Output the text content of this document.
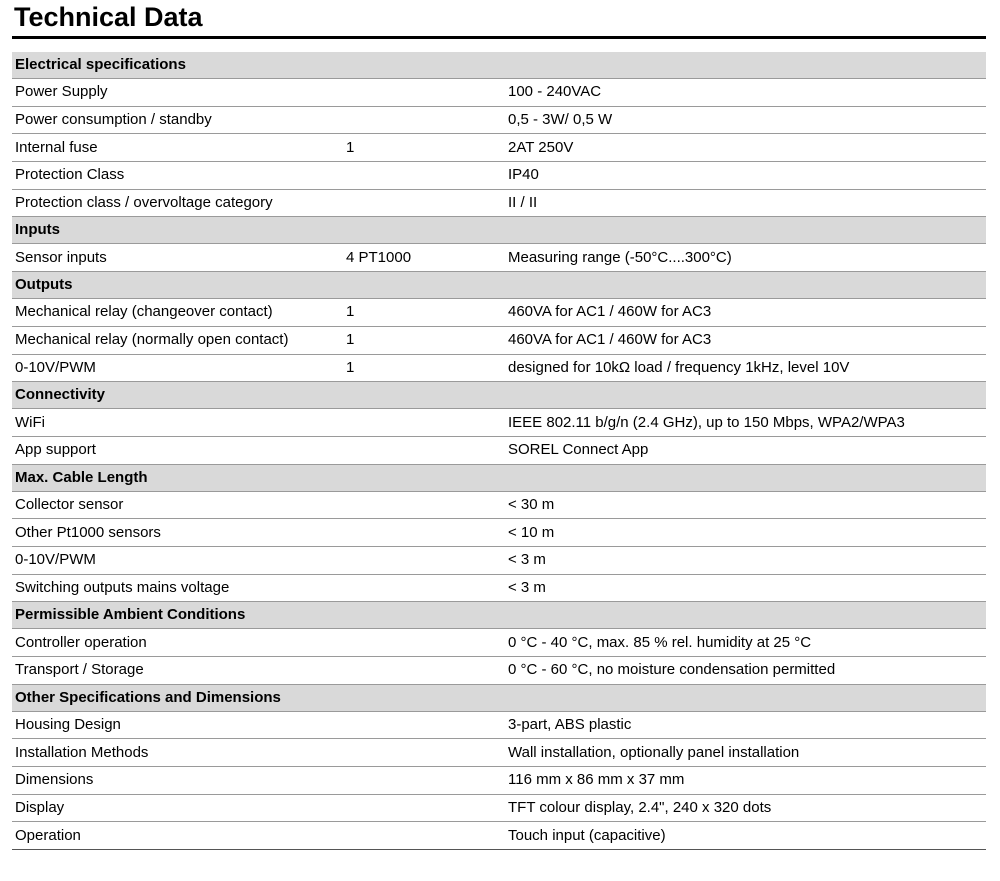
Technical Data
Electrical specifications		
Power Supply		100 - 240VAC
Power consumption / standby		0,5 - 3W/ 0,5 W
Internal fuse	1	2AT 250V
Protection Class		IP40
Protection class / overvoltage category		II / II
Inputs		
Sensor inputs	4 PT1000	Measuring range (-50°C....300°C)
Outputs		
Mechanical relay (changeover contact)	1	460VA for AC1 / 460W for AC3
Mechanical relay (normally open contact)	1	460VA for AC1 / 460W for AC3
0-10V/PWM	1	designed for 10kΩ load / frequency 1kHz, level 10V
Connectivity		
WiFi		IEEE 802.11 b/g/n (2.4 GHz), up to 150 Mbps, WPA2/WPA3
App support		SOREL Connect App
Max. Cable Length		
Collector sensor		< 30 m
Other Pt1000 sensors		< 10 m
0-10V/PWM		< 3 m
Switching outputs mains voltage		< 3 m
Permissible Ambient Conditions		
Controller operation		0 °C - 40 °C, max. 85 % rel. humidity at 25 °C
Transport / Storage		0 °C - 60 °C, no moisture condensation permitted
Other Specifications and Dimensions		
Housing Design		3-part, ABS plastic
Installation Methods		Wall installation, optionally panel installation
Dimensions		116 mm x 86 mm x 37 mm
Display		TFT colour display, 2.4", 240 x 320 dots
Operation		Touch input (capacitive)
